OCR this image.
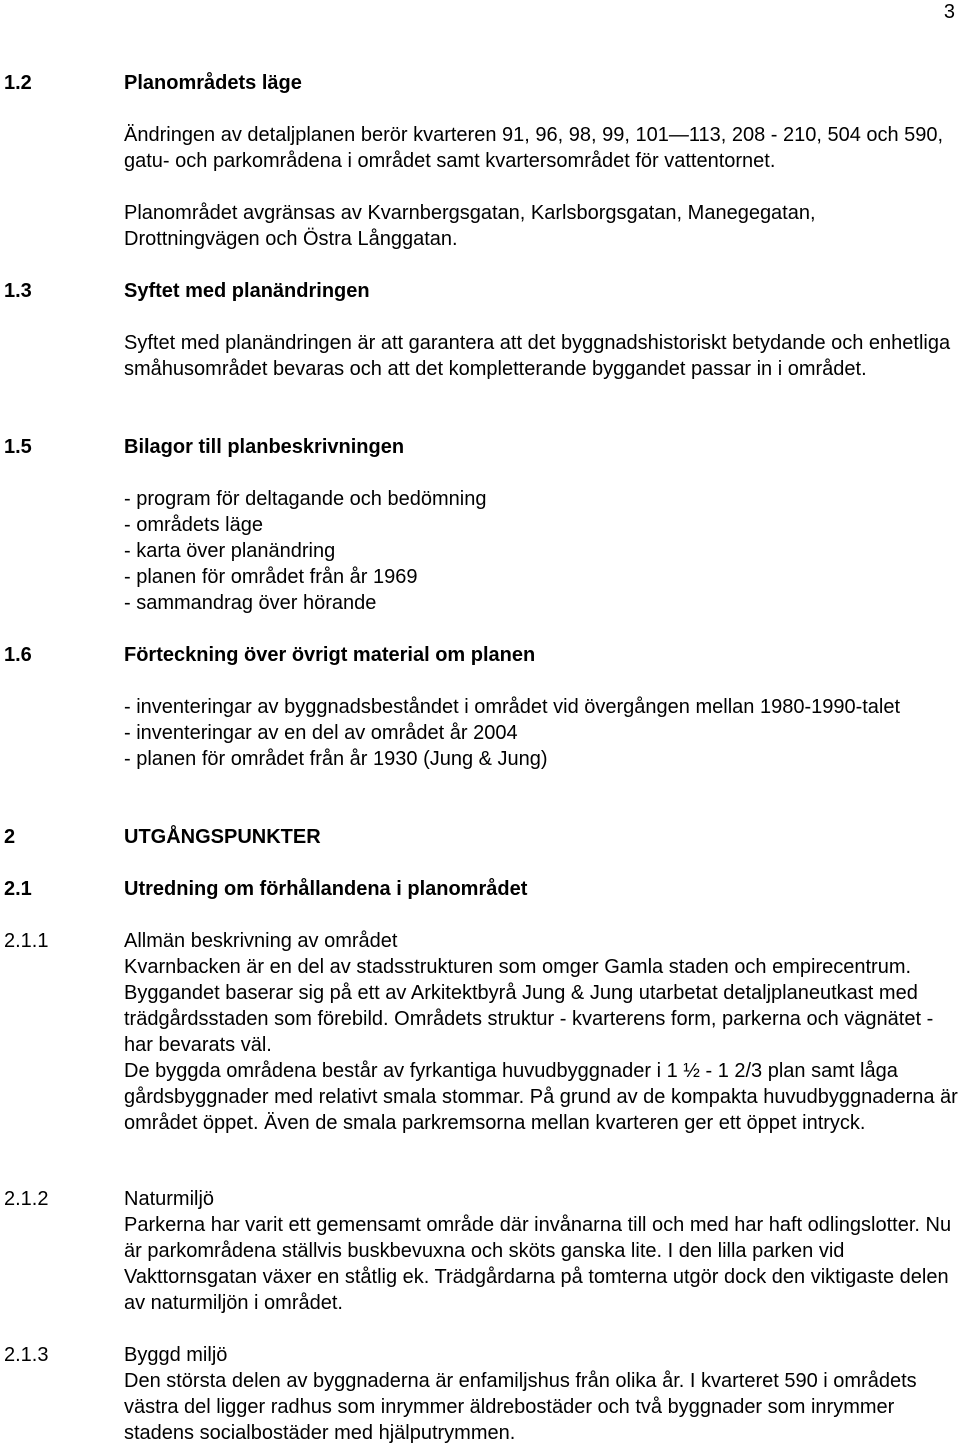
3
1.2	Planområdets läge

Ändringen av detaljplanen berör kvarteren 91, 96, 98, 99, 101—113, 208 - 210, 504 och 590, gatu- och parkområdena i området samt kvartersområdet för vattentornet.

Planområdet avgränsas av Kvarnbergsgatan, Karlsborgsgatan, Manegegatan, Drottningvägen och Östra Långgatan.

1.3	Syftet med planändringen

Syftet med planändringen är att garantera att det byggnadshistoriskt betydande och enhetliga småhusområdet bevaras och att det kompletterande byggandet passar in i området.

1.5	Bilagor till planbeskrivningen
- program för deltagande och bedömning
- områdets läge
- karta över planändring
- planen för området från år 1969
- sammandrag över hörande
1.6	Förteckning över övrigt material om planen
- inventeringar av byggnadsbeståndet i området vid övergången mellan 1980-1990-talet
- inventeringar av en del av området år 2004
- planen för området från år 1930 (Jung & Jung)
2	UTGÅNGSPUNKTER
2.1	Utredning om förhållandena i planområdet
2.1.1	Allmän beskrivning av området

Kvarnbacken är en del av stadsstrukturen som omger Gamla staden och empirecentrum. Byggandet baserar sig på ett av Arkitektbyrå Jung & Jung utarbetat detaljplaneutkast med trädgårdsstaden som förebild. Områdets struktur - kvarterens form, parkerna och vägnätet - har bevarats väl.

De byggda områdena består av fyrkantiga huvudbyggnader i 1 ½ - 1 2/3 plan samt låga gårdsbyggnader med relativt smala stommar. På grund av de kompakta huvudbyggnaderna är området öppet. Även de smala parkremsorna mellan kvarteren ger ett öppet intryck.

2.1.2	Naturmiljö

Parkerna har varit ett gemensamt område där invånarna till och med har haft odlingslotter. Nu är parkområdena ställvis buskbevuxna och sköts ganska lite. I den lilla parken vid Vakttornsgatan växer en ståtlig ek. Trädgårdarna på tomterna utgör dock den viktigaste delen av naturmiljön i området.

2.1.3	Byggd miljö

Den största delen av byggnaderna är enfamiljshus från olika år. I kvarteret 590 i områdets västra del ligger radhus som inrymmer äldrebostäder och två byggnader som inrymmer stadens socialbostäder med hjälputrymmen.
